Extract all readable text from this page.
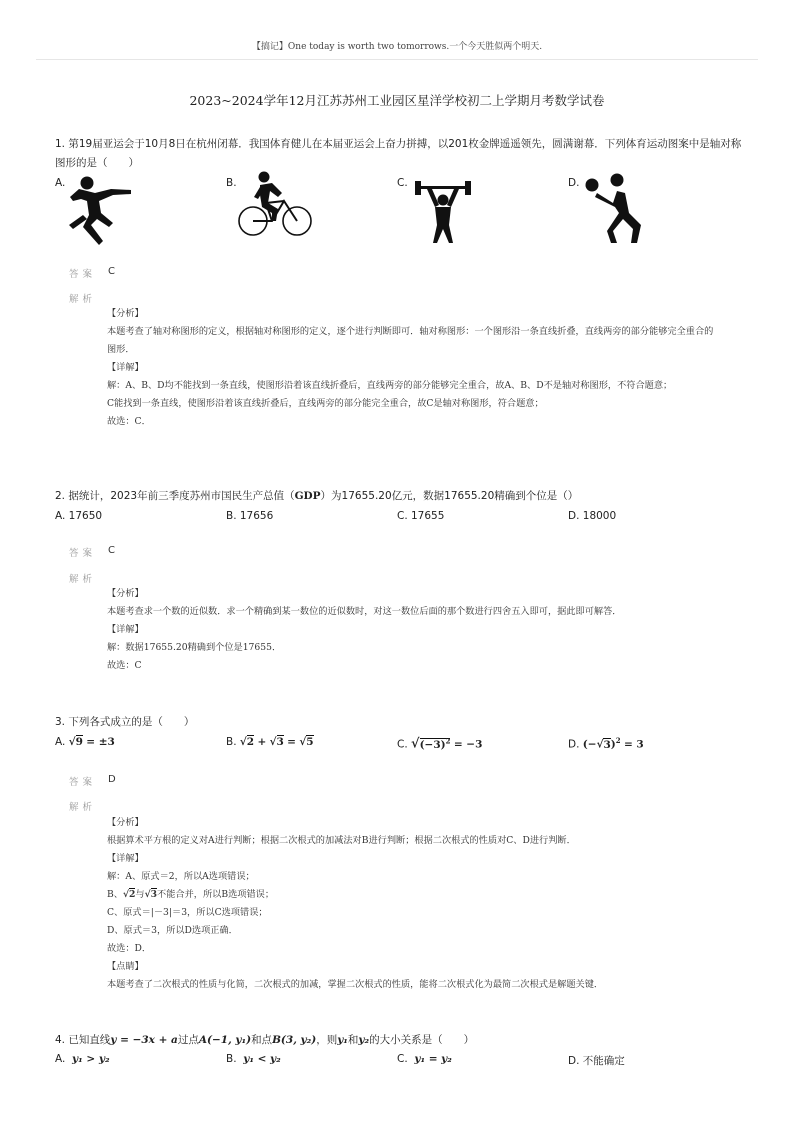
【搞记】One today is worth two tomorrows.一个今天胜似两个明天.
2023~2024学年12月江苏苏州工业园区星洋学校初二上学期月考数学试卷
1. 第19届亚运会于10月8日在杭州闭幕．我国体育健儿在本届亚运会上奋力拼搏，以201枚金牌遥遥领先，圆满谢幕．下列体育运动图案中是轴对称图形的是（　　）
A.	B.	C.	D.
答案 C
解析
【分析】
本题考查了轴对称图形的定义，根据轴对称图形的定义，逐个进行判断即可．轴对称图形：一个图形沿一条直线折叠，直线两旁的部分能够完全重合的图形．
【详解】
解：A、B、D均不能找到一条直线，使图形沿着该直线折叠后，直线两旁的部分能够完全重合，故A、B、D不是轴对称图形，不符合题意；
C能找到一条直线，使图形沿着该直线折叠后，直线两旁的部分能完全重合，故C是轴对称图形，符合题意；
故选：C．
2. 据统计，2023年前三季度苏州市国民生产总值（GDP）为17655.20亿元，数据17655.20精确到个位是（）
A. 17650	B. 17656	C. 17655	D. 18000
答案 C
解析
【分析】
本题考查求一个数的近似数．求一个精确到某一数位的近似数时，对这一数位后面的那个数进行四舍五入即可，据此即可解答．
【详解】
解：数据17655.20精确到个位是17655．
故选：C
3. 下列各式成立的是（　　）
A. √9 = ±3	B. √2 + √3 = √5	C. $√(-3)^2 = -3$	D. $(-√3)^2 = 3$
答案 D
解析
【分析】
根据算术平方根的定义对A进行判断；根据二次根式的加减法对B进行判断；根据二次根式的性质对C、D进行判断．
【详解】
解：A、原式＝2，所以A选项错误；
B、√2与√3不能合并，所以B选项错误；
C、原式＝|－3|＝3，所以C选项错误；
D、原式＝3，所以D选项正确．
故选：D．
【点睛】
本题考查了二次根式的性质与化简，二次根式的加减，掌握二次根式的性质，能将二次根式化为最简二次根式是解题关键．
4. 已知直线y = −3x + a过点A(−1, y₁)和点B(3, y₂)，则y₁和y₂的大小关系是（　　）
A. y₁ > y₂	B. y₁ < y₂	C. y₁ = y₂	D. 不能确定
